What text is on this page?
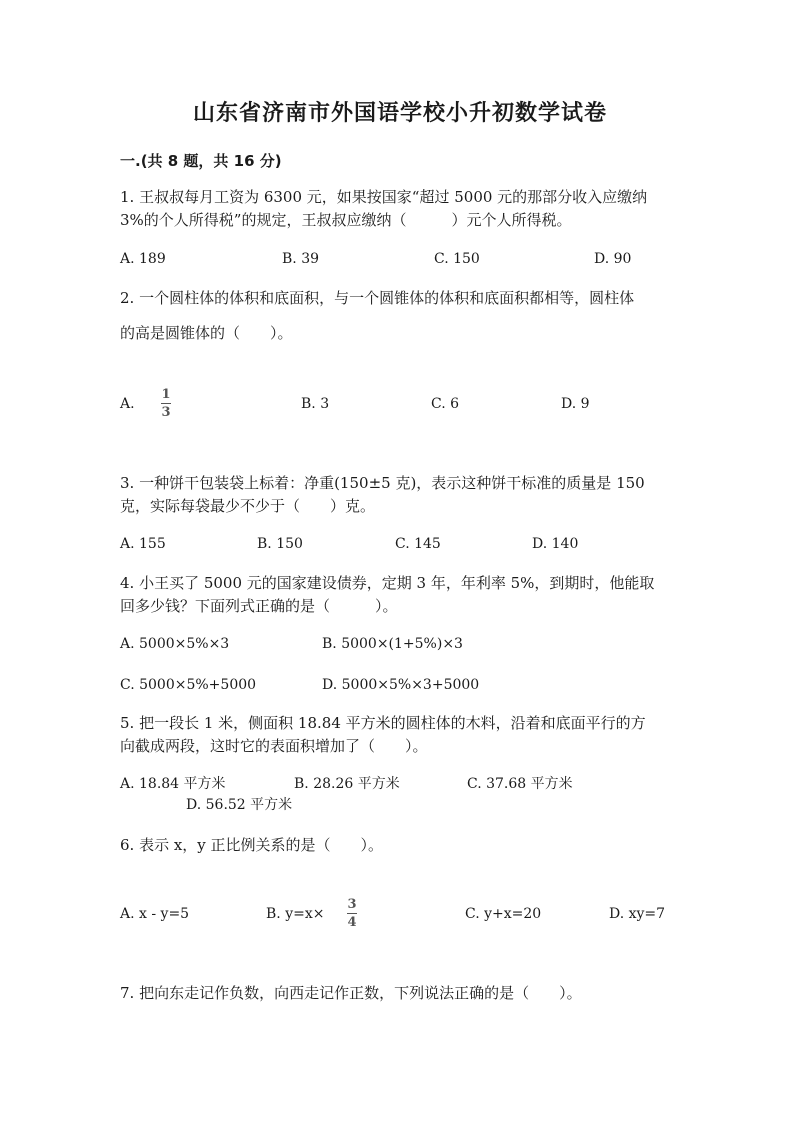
山东省济南市外国语学校小升初数学试卷
一.(共 8 题，共 16 分)
1. 王叔叔每月工资为 6300 元，如果按国家“超过 5000 元的那部分收入应缴纳
3%的个人所得税”的规定，王叔叔应缴纳（　　　）元个人所得税。
A. 189	B. 39	C. 150	D. 90
2. 一个圆柱体的体积和底面积，与一个圆锥体的体积和底面积都相等，圆柱体
的高是圆锥体的（　　）。
A.
1
3
B. 3	C. 6	D. 9
3. 一种饼干包装袋上标着：净重(150±5 克)，表示这种饼干标准的质量是 150
克，实际每袋最少不少于（　　）克。
A. 155	B. 150	C. 145	D. 140
4. 小王买了 5000 元的国家建设债券，定期 3 年，年利率 5%，到期时，他能取
回多少钱？下面列式正确的是（　　　）。
A. 5000×5%×3	B. 5000×(1+5%)×3
C. 5000×5%+5000	D. 5000×5%×3+5000
5. 把一段长 1 米，侧面积 18.84 平方米的圆柱体的木料，沿着和底面平行的方
向截成两段，这时它的表面积增加了（　　）。
A. 18.84 平方米	B. 28.26 平方米	C. 37.68 平方米
D. 56.52 平方米
6. 表示 x，y 正比例关系的是（　　）。
A. x - y=5	B. y=x×
3
4
C. y+x=20	D. xy=7
7. 把向东走记作负数，向西走记作正数，下列说法正确的是（　　）。
